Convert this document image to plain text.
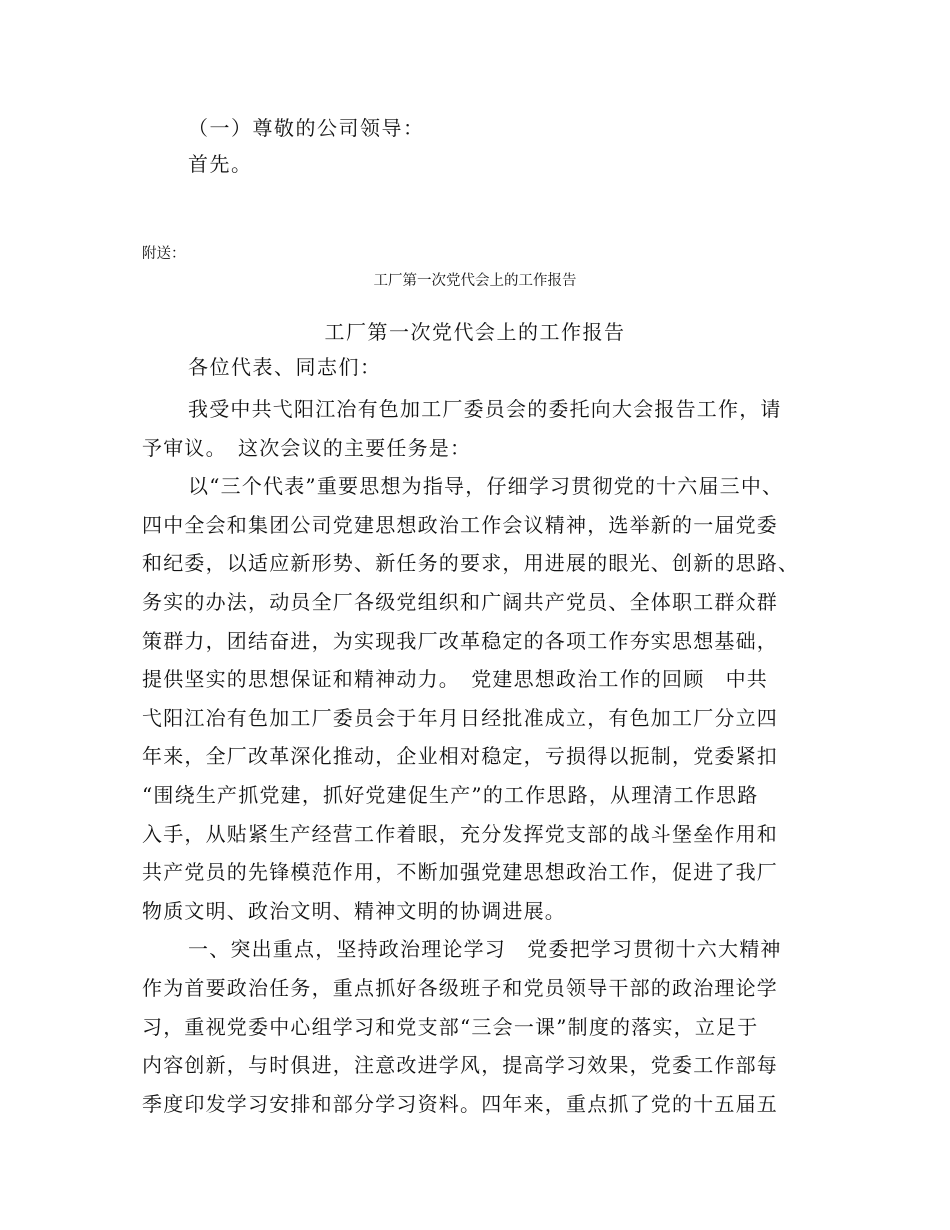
（一）尊敬的公司领导：
首先。
附送：
工厂第一次党代会上的工作报告
工厂第一次党代会上的工作报告
各位代表、同志们：
我受中共弋阳江冶有色加工厂委员会的委托向大会报告工作，请
予审议。　这次会议的主要任务是：
以“三个代表”重要思想为指导，仔细学习贯彻党的十六届三中、
四中全会和集团公司党建思想政治工作会议精神，选举新的一届党委
和纪委，以适应新形势、新任务的要求，用进展的眼光、创新的思路、
务实的办法，动员全厂各级党组织和广阔共产党员、全体职工群众群
策群力，团结奋进，为实现我厂改革稳定的各项工作夯实思想基础，
提供坚实的思想保证和精神动力。　党建思想政治工作的回顾　中共
弋阳江冶有色加工厂委员会于年月日经批准成立，有色加工厂分立四
年来，全厂改革深化推动，企业相对稳定，亏损得以扼制，党委紧扣
“围绕生产抓党建，抓好党建促生产”的工作思路，从理清工作思路
入手，从贴紧生产经营工作着眼，充分发挥党支部的战斗堡垒作用和
共产党员的先锋模范作用，不断加强党建思想政治工作，促进了我厂
物质文明、政治文明、精神文明的协调进展。
一、突出重点，坚持政治理论学习　党委把学习贯彻十六大精神
作为首要政治任务，重点抓好各级班子和党员领导干部的政治理论学
习，重视党委中心组学习和党支部“三会一课”制度的落实，立足于
内容创新，与时俱进，注意改进学风，提高学习效果，党委工作部每
季度印发学习安排和部分学习资料。四年来，重点抓了党的十五届五
